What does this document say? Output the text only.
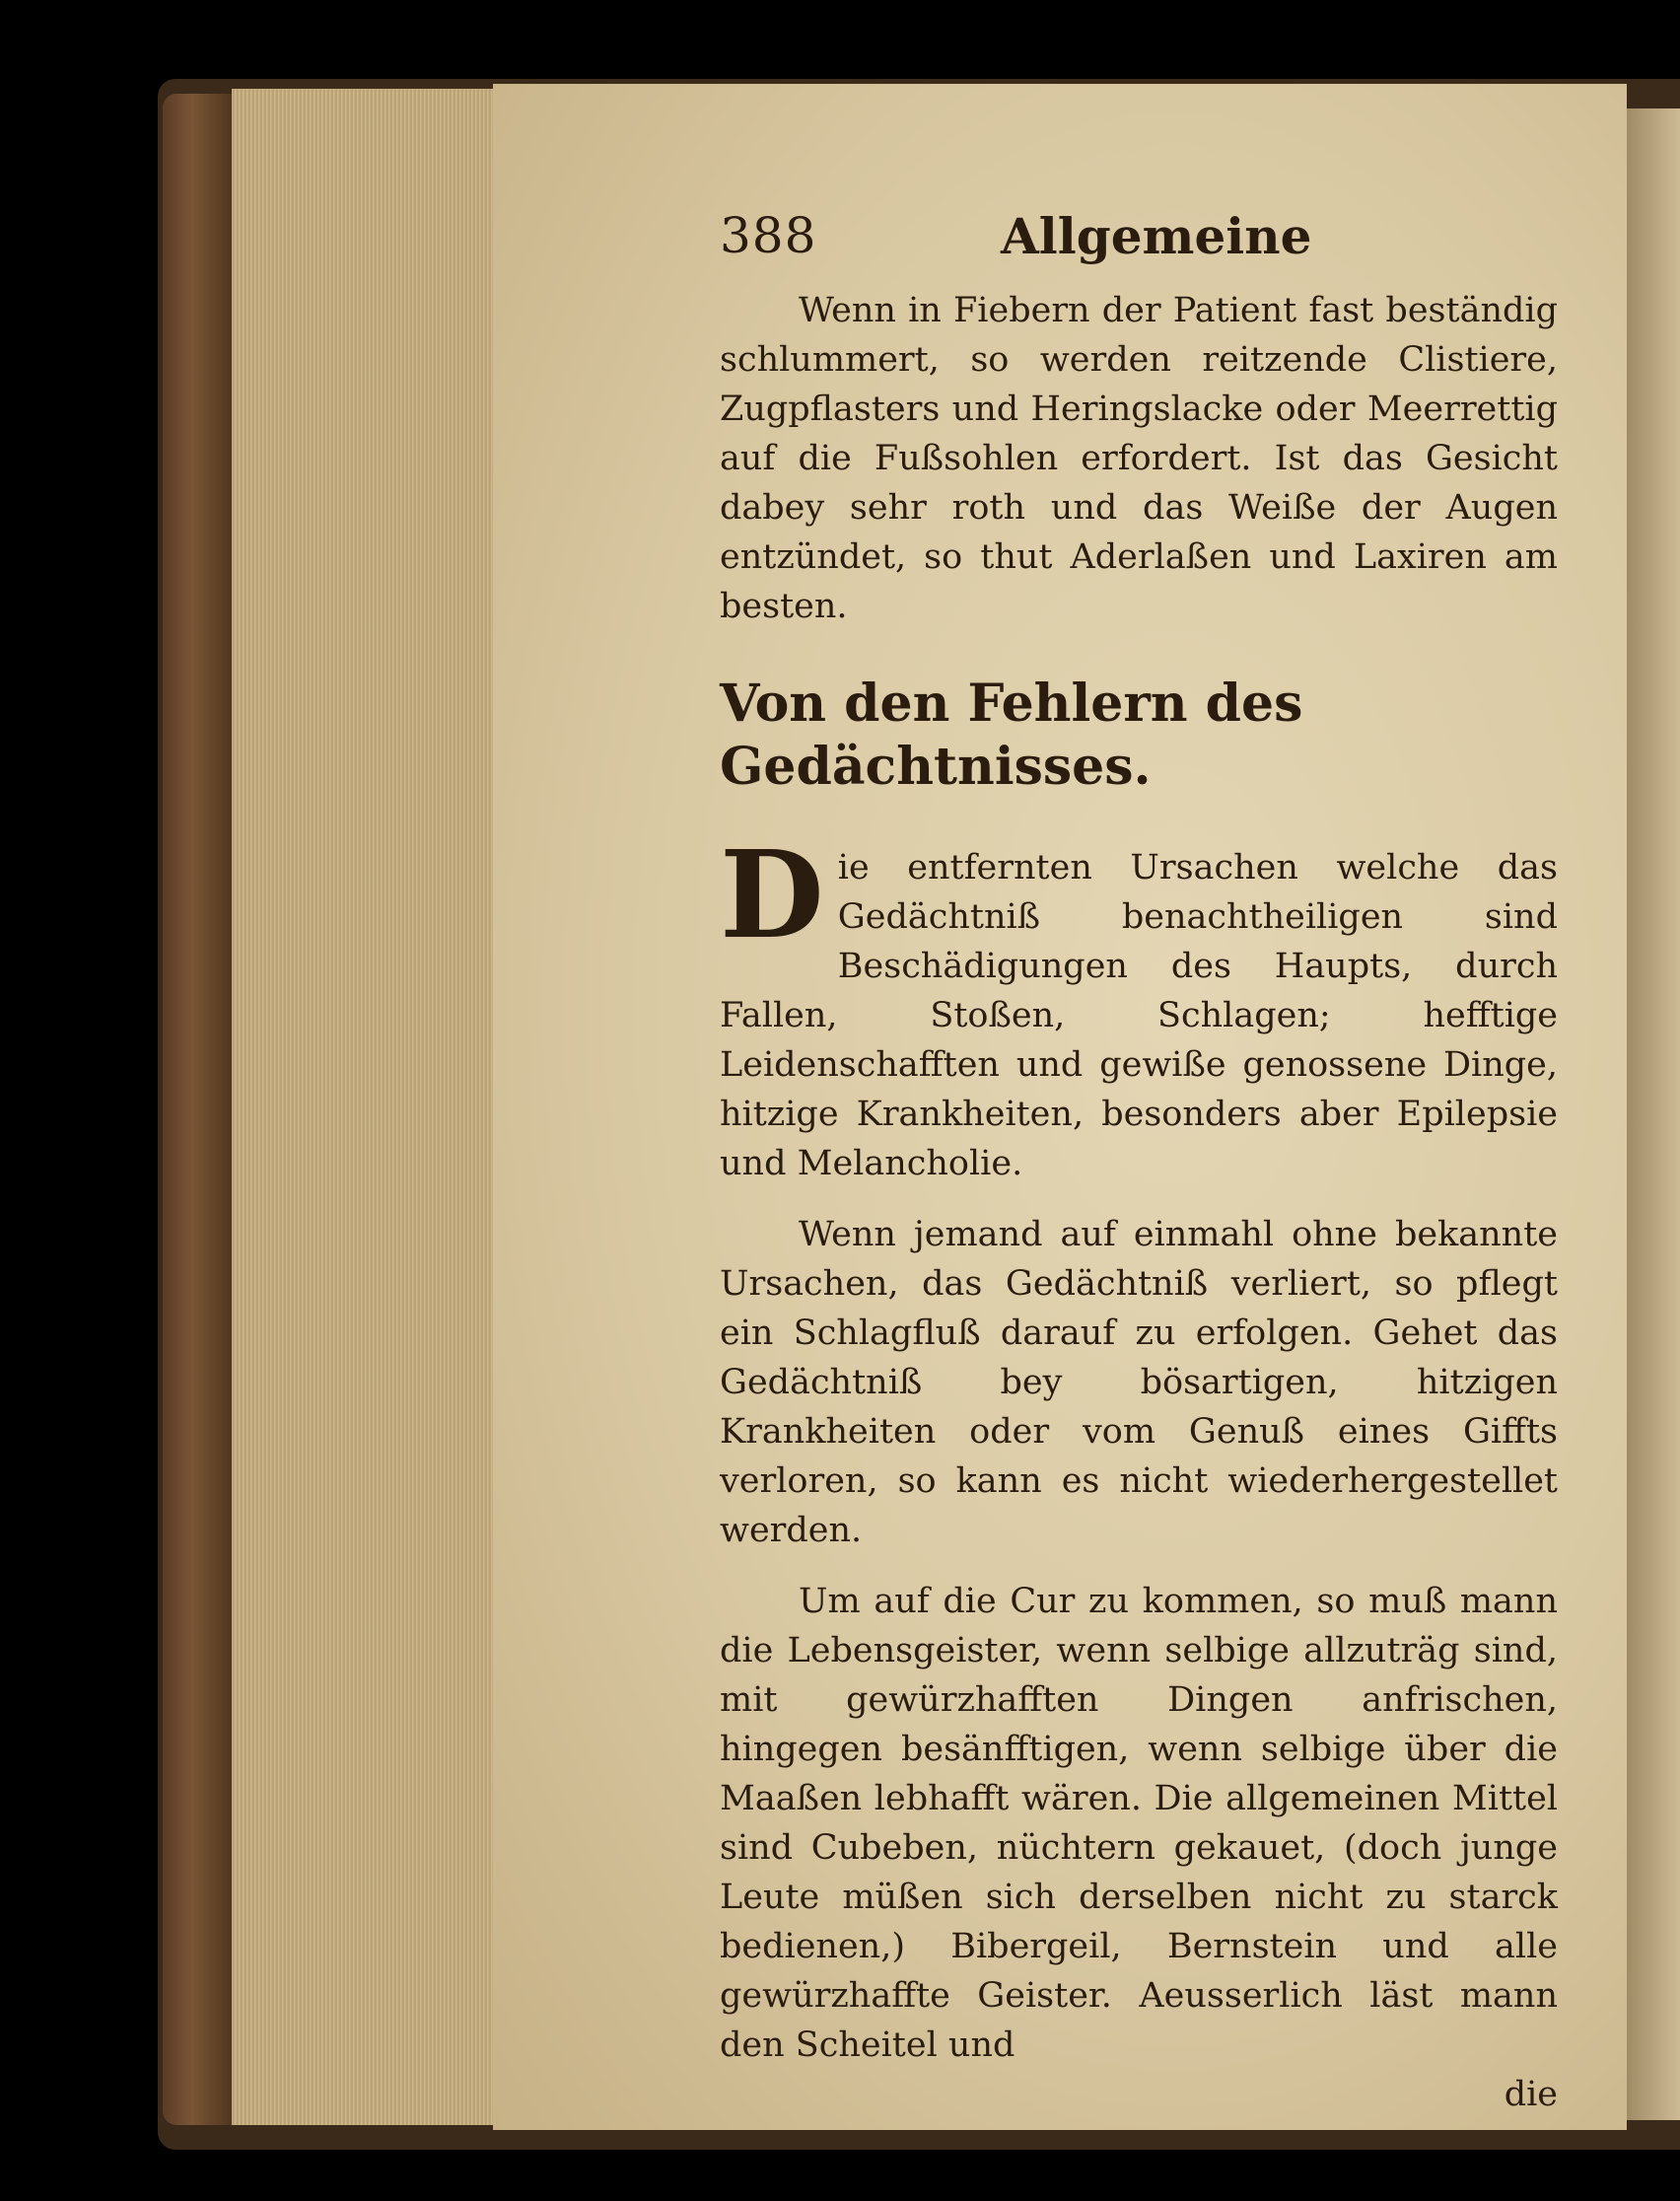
388	Allgemeine

Wenn in Fiebern der Patient fast beständig schlummert, so werden reitzende Clistiere, Zugpflasters und Heringslacke oder Meerrettig auf die Fußsohlen erfordert. Ist das Gesicht dabey sehr roth und das Weiße der Augen entzündet, so thut Aderlaßen und Laxiren am besten.

Von den Fehlern des Gedächtnisses.

Die entfernten Ursachen welche das Gedächtniß benachtheiligen sind Beschädigungen des Haupts, durch Fallen, Stoßen, Schlagen; hefftige Leidenschafften und gewiße genossene Dinge, hitzige Krankheiten, besonders aber Epilepsie und Melancholie.

Wenn jemand auf einmahl ohne bekannte Ursachen, das Gedächtniß verliert, so pflegt ein Schlagfluß darauf zu erfolgen. Gehet das Gedächtniß bey bösartigen, hitzigen Krankheiten oder vom Genuß eines Giffts verloren, so kann es nicht wiederhergestellet werden.

Um auf die Cur zu kommen, so muß mann die Lebensgeister, wenn selbige allzuträg sind, mit gewürzhafften Dingen anfrischen, hingegen besänfftigen, wenn selbige über die Maaßen lebhafft wären. Die allgemeinen Mittel sind Cubeben, nüchtern gekauet, (doch junge Leute müßen sich derselben nicht zu starck bedienen,) Bibergeil, Bernstein und alle gewürzhaffte Geister. Aeusserlich läst mann den Scheitel und

die
